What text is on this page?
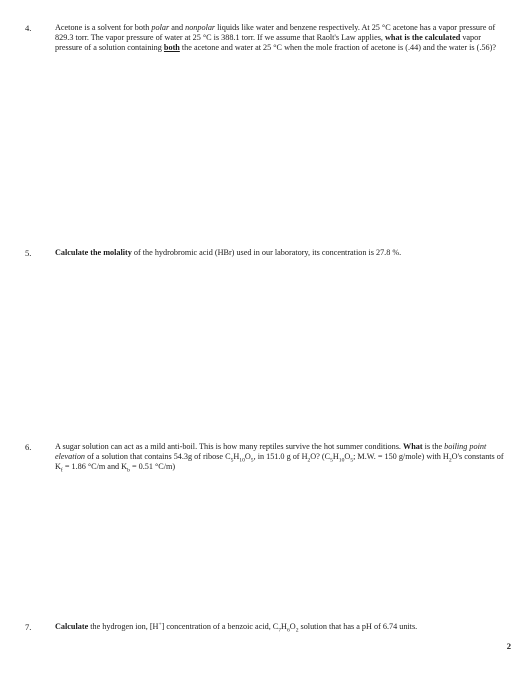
4.	Acetone is a solvent for both polar and nonpolar liquids like water and benzene respectively. At 25 °C acetone has a vapor pressure of 829.3 torr. The vapor pressure of water at 25 °C is 388.1 torr. If we assume that Raolt's Law applies, what is the calculated vapor pressure of a solution containing both the acetone and water at 25 °C when the mole fraction of acetone is (.44) and the water is (.56)?
5.	Calculate the molality of the hydrobromic acid (HBr) used in our laboratory, its concentration is 27.8 %.
6.	A sugar solution can act as a mild anti-boil. This is how many reptiles survive the hot summer conditions. What is the boiling point elevation of a solution that contains 54.3g of ribose $C_5H_{10}O_5$, in 151.0 g of $H_2O$? ($C_5H_{10}O_5$; M.W. = 150 g/mole) with $H_2O's$ constants of $K_f = 1.86$ °C/m and $K_b = 0.51$ °C/m)
7.	Calculate the hydrogen ion, [H+] concentration of a benzoic acid, $C_7H_6O_2$ solution that has a pH of 6.74 units.
2
